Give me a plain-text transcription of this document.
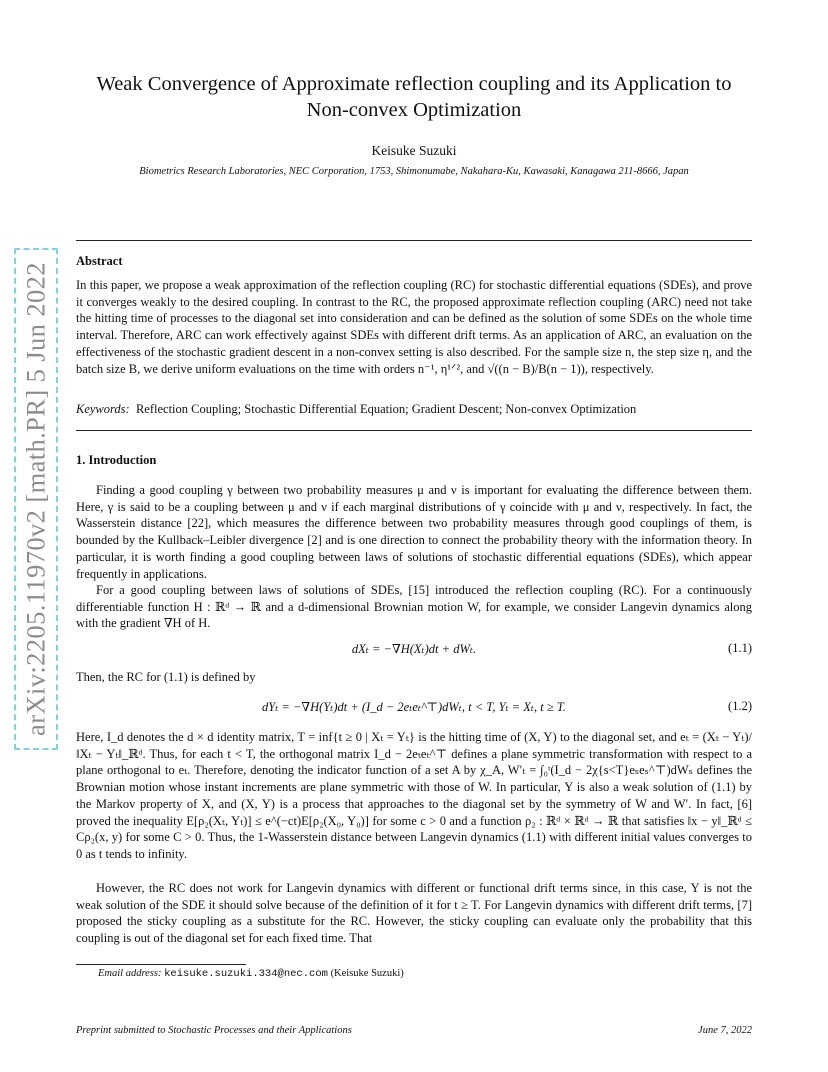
arXiv:2205.11970v2 [math.PR] 5 Jun 2022
Weak Convergence of Approximate reflection coupling and its Application to Non-convex Optimization
Keisuke Suzuki
Biometrics Research Laboratories, NEC Corporation, 1753, Shimonumabe, Nakahara-Ku, Kawasaki, Kanagawa 211-8666, Japan
Abstract
In this paper, we propose a weak approximation of the reflection coupling (RC) for stochastic differential equations (SDEs), and prove it converges weakly to the desired coupling. In contrast to the RC, the proposed approximate reflection coupling (ARC) need not take the hitting time of processes to the diagonal set into consideration and can be defined as the solution of some SDEs on the whole time interval. Therefore, ARC can work effectively against SDEs with different drift terms. As an application of ARC, an evaluation on the effectiveness of the stochastic gradient descent in a non-convex setting is also described. For the sample size n, the step size η, and the batch size B, we derive uniform evaluations on the time with orders n⁻¹, η¹ᐟ², and √((n − B)/B(n − 1)), respectively.
Keywords: Reflection Coupling; Stochastic Differential Equation; Gradient Descent; Non-convex Optimization
1. Introduction

Finding a good coupling γ between two probability measures μ and ν is important for evaluating the difference between them. Here, γ is said to be a coupling between μ and ν if each marginal distributions of γ coincide with μ and ν, respectively. In fact, the Wasserstein distance [22], which measures the difference between two probability measures through good couplings of them, is bounded by the Kullback–Leibler divergence [2] and is one direction to connect the probability theory with the information theory. In particular, it is worth finding a good coupling between laws of solutions of stochastic differential equations (SDEs), which appear frequently in applications.

For a good coupling between laws of solutions of SDEs, [15] introduced the reflection coupling (RC). For a continuously differentiable function H : ℝᵈ → ℝ and a d-dimensional Brownian motion W, for example, we consider Langevin dynamics along with the gradient ∇H of H.

dXₜ = −∇H(Xₜ)dt + dWₜ.	(1.1)
Then, the RC for (1.1) is defined by
dYₜ = −∇H(Yₜ)dt + (I_d − 2eₜeₜ^⊤)dWₜ, t < T, Yₜ = Xₜ, t ≥ T.	(1.2)

Here, I_d denotes the d × d identity matrix, T = inf{t ≥ 0 | Xₜ = Yₜ} is the hitting time of (X, Y) to the diagonal set, and eₜ = (Xₜ − Yₜ)/‖Xₜ − Yₜ‖_ℝᵈ. Thus, for each t < T, the orthogonal matrix I_d − 2eₜeₜ^⊤ defines a plane symmetric transformation with respect to a plane orthogonal to eₜ. Therefore, denoting the indicator function of a set A by χ_A, W′ₜ = ∫₀ᵗ(I_d − 2χ{s<T}eₛeₛ^⊤)dWₛ defines the Brownian motion whose instant increments are plane symmetric with those of W. In particular, Y is also a weak solution of (1.1) by the Markov property of X, and (X, Y) is a process that approaches to the diagonal set by the symmetry of W and W′. In fact, [6] proved the inequality E[ρ₂(Xₜ, Yₜ)] ≤ e^(−ct)E[ρ₂(X₀, Y₀)] for some c > 0 and a function ρ₂ : ℝᵈ × ℝᵈ → ℝ that satisfies ‖x − y‖_ℝᵈ ≤ Cρ₂(x, y) for some C > 0. Thus, the 1-Wasserstein distance between Langevin dynamics (1.1) with different initial values converges to 0 as t tends to infinity.

However, the RC does not work for Langevin dynamics with different or functional drift terms since, in this case, Y is not the weak solution of the SDE it should solve because of the definition of it for t ≥ T. For Langevin dynamics with different drift terms, [7] proposed the sticky coupling as a substitute for the RC. However, the sticky coupling can evaluate only the probability that this coupling is out of the diagonal set for each fixed time. That

Email address: keisuke.suzuki.334@nec.com (Keisuke Suzuki)
Preprint submitted to Stochastic Processes and their Applications	June 7, 2022
